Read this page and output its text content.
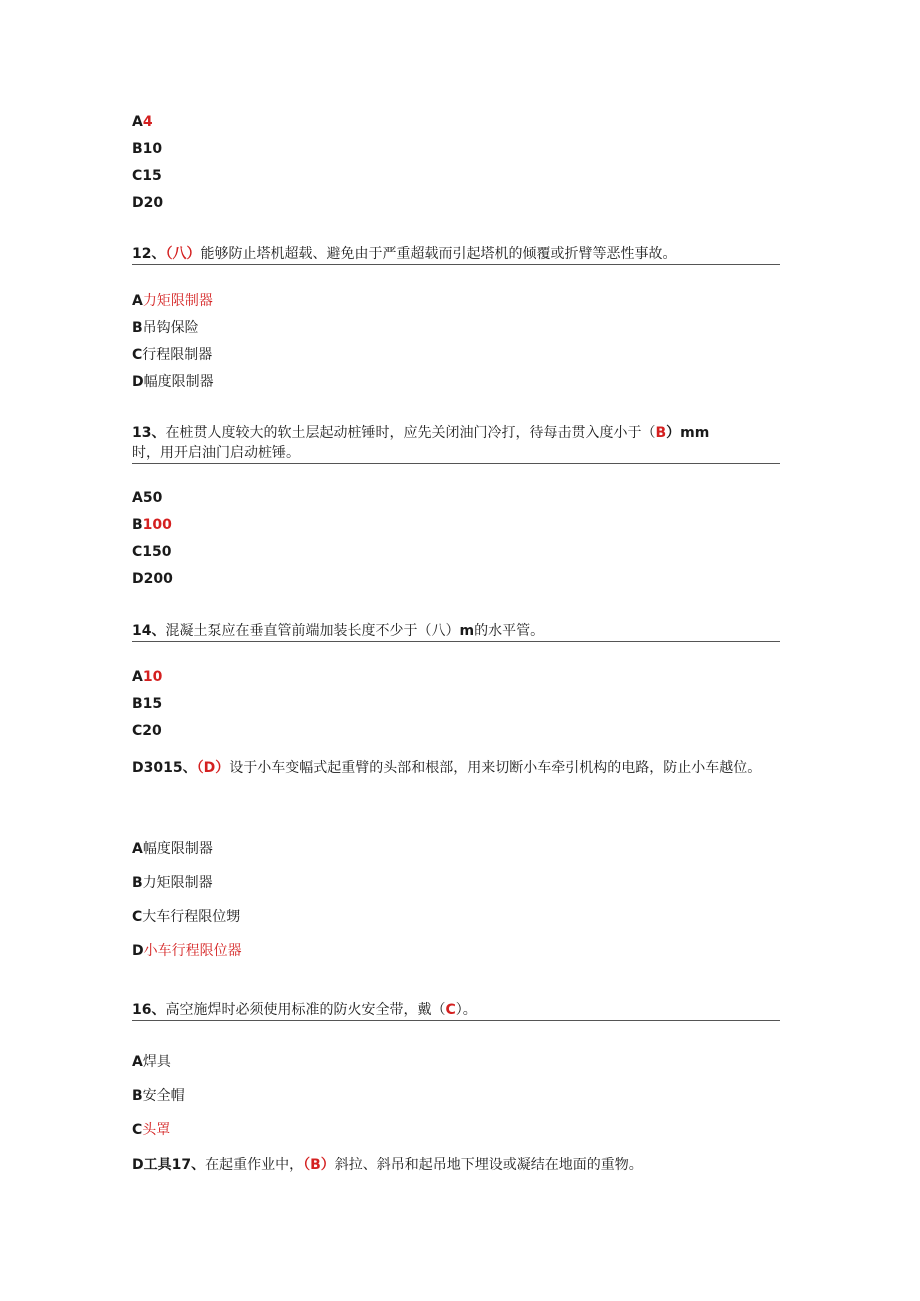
A4
B10
C15
D20
12、（八）能够防止塔机超载、避免由于严重超载而引起塔机的倾覆或折臂等恶性事故。
A力矩限制器
B吊钩保险
C行程限制器
D幅度限制器
13、在桩贯人度较大的软土层起动桩锤时，应先关闭油门冷打，待每击贯入度小于（B）mm
时，用开启油门启动桩锤。
A50
B100
C150
D200
14、混凝土泵应在垂直管前端加装长度不少于（八）m的水平管。
A10
B15
C20
D3015、（D）设于小车变幅式起重臂的头部和根部，用来切断小车牵引机构的电路，防止小车越位。
A幅度限制器
B力矩限制器
C大车行程限位甥
D小车行程限位器
16、高空施焊时必须使用标准的防火安全带，戴（C）。
A焊具
B安全帽
C头罩
D工具17、在起重作业中，（B）斜拉、斜吊和起吊地下埋设或凝结在地面的重物。
